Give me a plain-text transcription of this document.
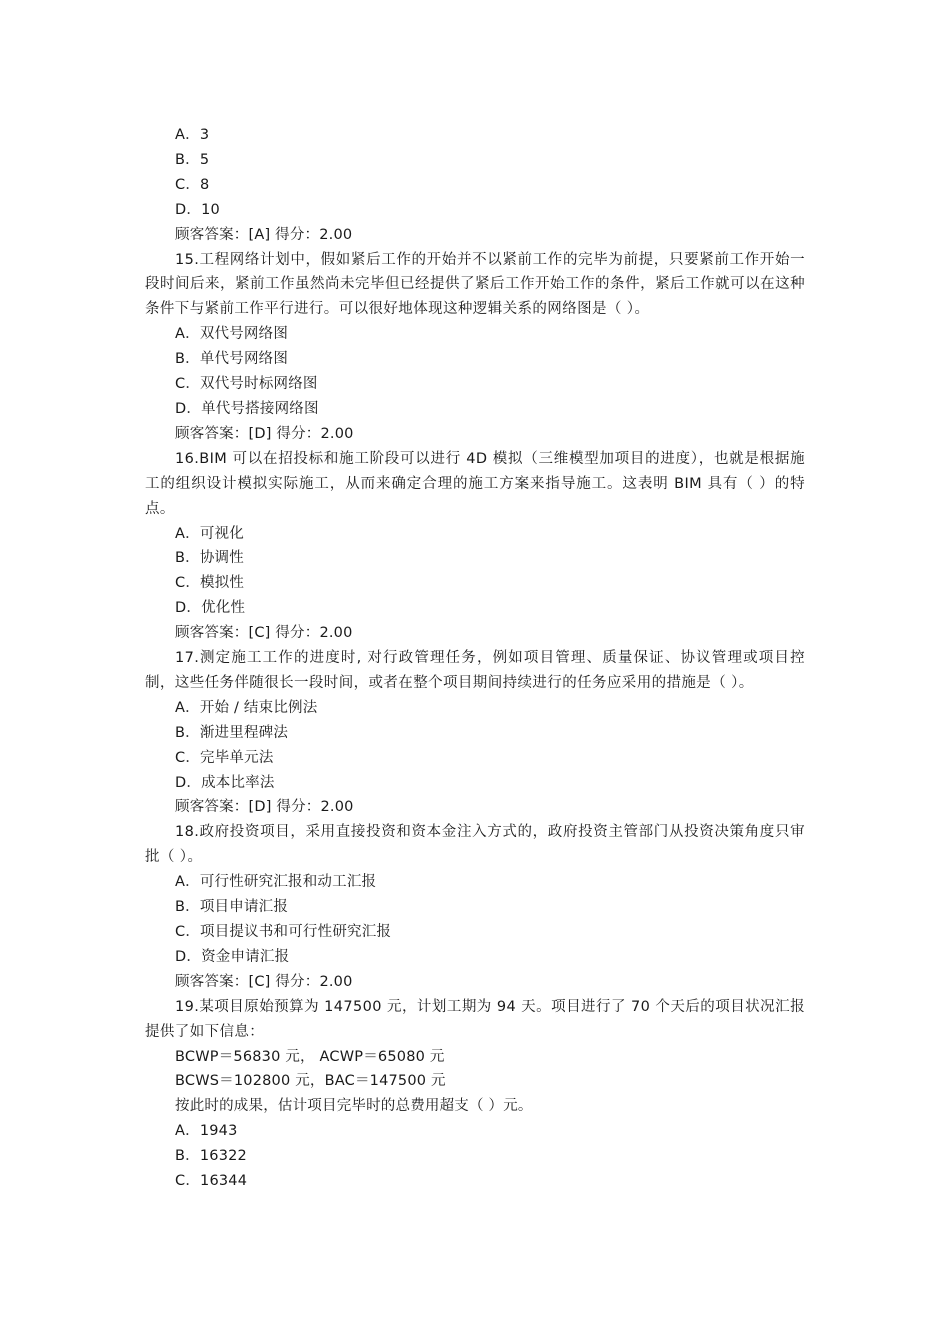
A．3
B．5
C．8
D．10
顾客答案：[A] 得分：2.00
15.工程网络计划中，假如紧后工作的开始并不以紧前工作的完毕为前提，只要紧前工作开始一段时间后来，紧前工作虽然尚未完毕但已经提供了紧后工作开始工作的条件，紧后工作就可以在这种条件下与紧前工作平行进行。可以很好地体现这种逻辑关系的网络图是（ ）。
A．双代号网络图
B．单代号网络图
C．双代号时标网络图
D．单代号搭接网络图
顾客答案：[D] 得分：2.00
16.BIM 可以在招投标和施工阶段可以进行 4D 模拟（三维模型加项目的进度），也就是根据施工的组织设计模拟实际施工，从而来确定合理的施工方案来指导施工。这表明 BIM 具有（ ）的特点。
A．可视化
B．协调性
C．模拟性
D．优化性
顾客答案：[C] 得分：2.00
17.测定施工工作的进度时, 对行政管理任务，例如项目管理、质量保证、协议管理或项目控制，这些任务伴随很长一段时间，或者在整个项目期间持续进行的任务应采用的措施是（ ）。
A．开始 / 结束比例法
B．渐进里程碑法
C．完毕单元法
D．成本比率法
顾客答案：[D] 得分：2.00
18.政府投资项目，采用直接投资和资本金注入方式的，政府投资主管部门从投资决策角度只审批（ ）。
A．可行性研究汇报和动工汇报
B．项目申请汇报
C．项目提议书和可行性研究汇报
D．资金申请汇报
顾客答案：[C] 得分：2.00
19.某项目原始预算为 147500 元，计划工期为 94 天。项目进行了 70 个天后的项目状况汇报提供了如下信息：
BCWP＝56830 元， ACWP＝65080 元
BCWS＝102800 元，BAC＝147500 元
按此时的成果，估计项目完毕时的总费用超支（ ）元。
A．1943
B．16322
C．16344
